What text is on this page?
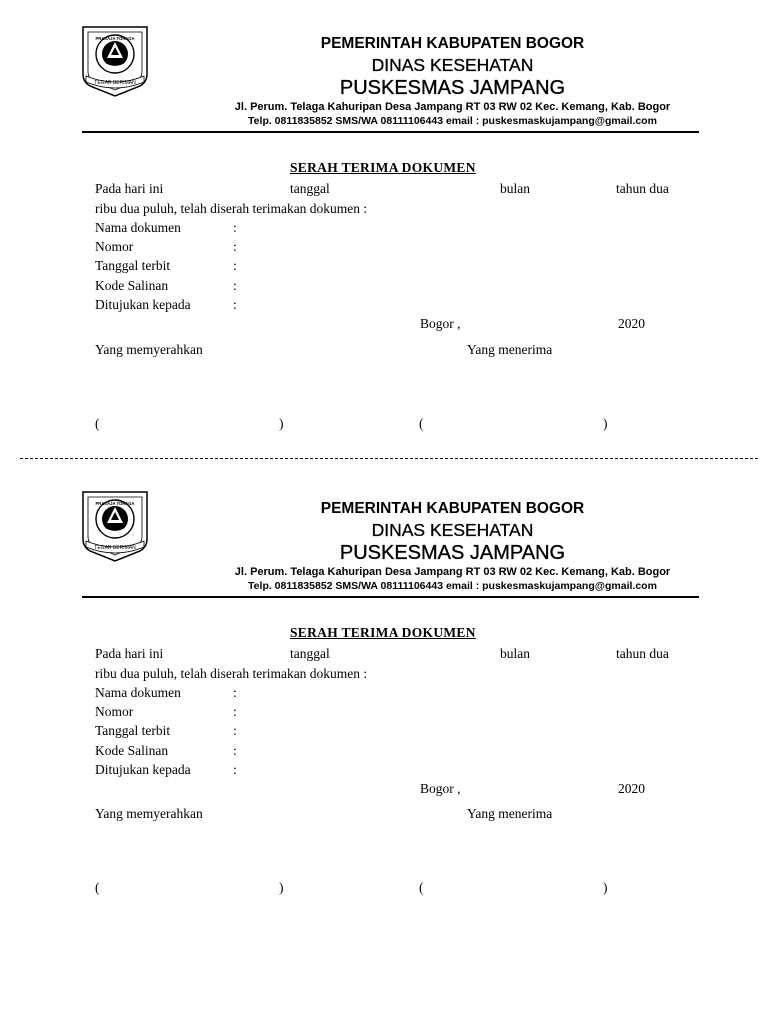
PRASAJA TOHAGA
SAYAGA
TEGAR BERIMAN
PEMERINTAH KABUPATEN BOGOR
DINAS KESEHATAN
PUSKESMAS JAMPANG
Jl. Perum. Telaga Kahuripan Desa Jampang RT 03 RW 02 Kec. Kemang, Kab. Bogor
Telp. 0811835852 SMS/WA 08111106443 email : puskesmaskujampang@gmail.com
SERAH TERIMA DOKUMEN
Pada hari ini	tanggal	bulan	tahun dua
ribu dua puluh, telah diserah terimakan dokumen :
Nama dokumen	:
Nomor	:
Tanggal terbit	:
Kode Salinan	:
Ditujukan kepada	:
Bogor ,	2020
Yang memyerahkan	Yang menerima
(	)	(	)
PRASAJA TOHAGA
SAYAGA
TEGAR BERIMAN
PEMERINTAH KABUPATEN BOGOR
DINAS KESEHATAN
PUSKESMAS JAMPANG
Jl. Perum. Telaga Kahuripan Desa Jampang RT 03 RW 02 Kec. Kemang, Kab. Bogor
Telp. 0811835852 SMS/WA 08111106443 email : puskesmaskujampang@gmail.com
SERAH TERIMA DOKUMEN
Pada hari ini	tanggal	bulan	tahun dua
ribu dua puluh, telah diserah terimakan dokumen :
Nama dokumen	:
Nomor	:
Tanggal terbit	:
Kode Salinan	:
Ditujukan kepada	:
Bogor ,	2020
Yang memyerahkan	Yang menerima
(	)	(	)
